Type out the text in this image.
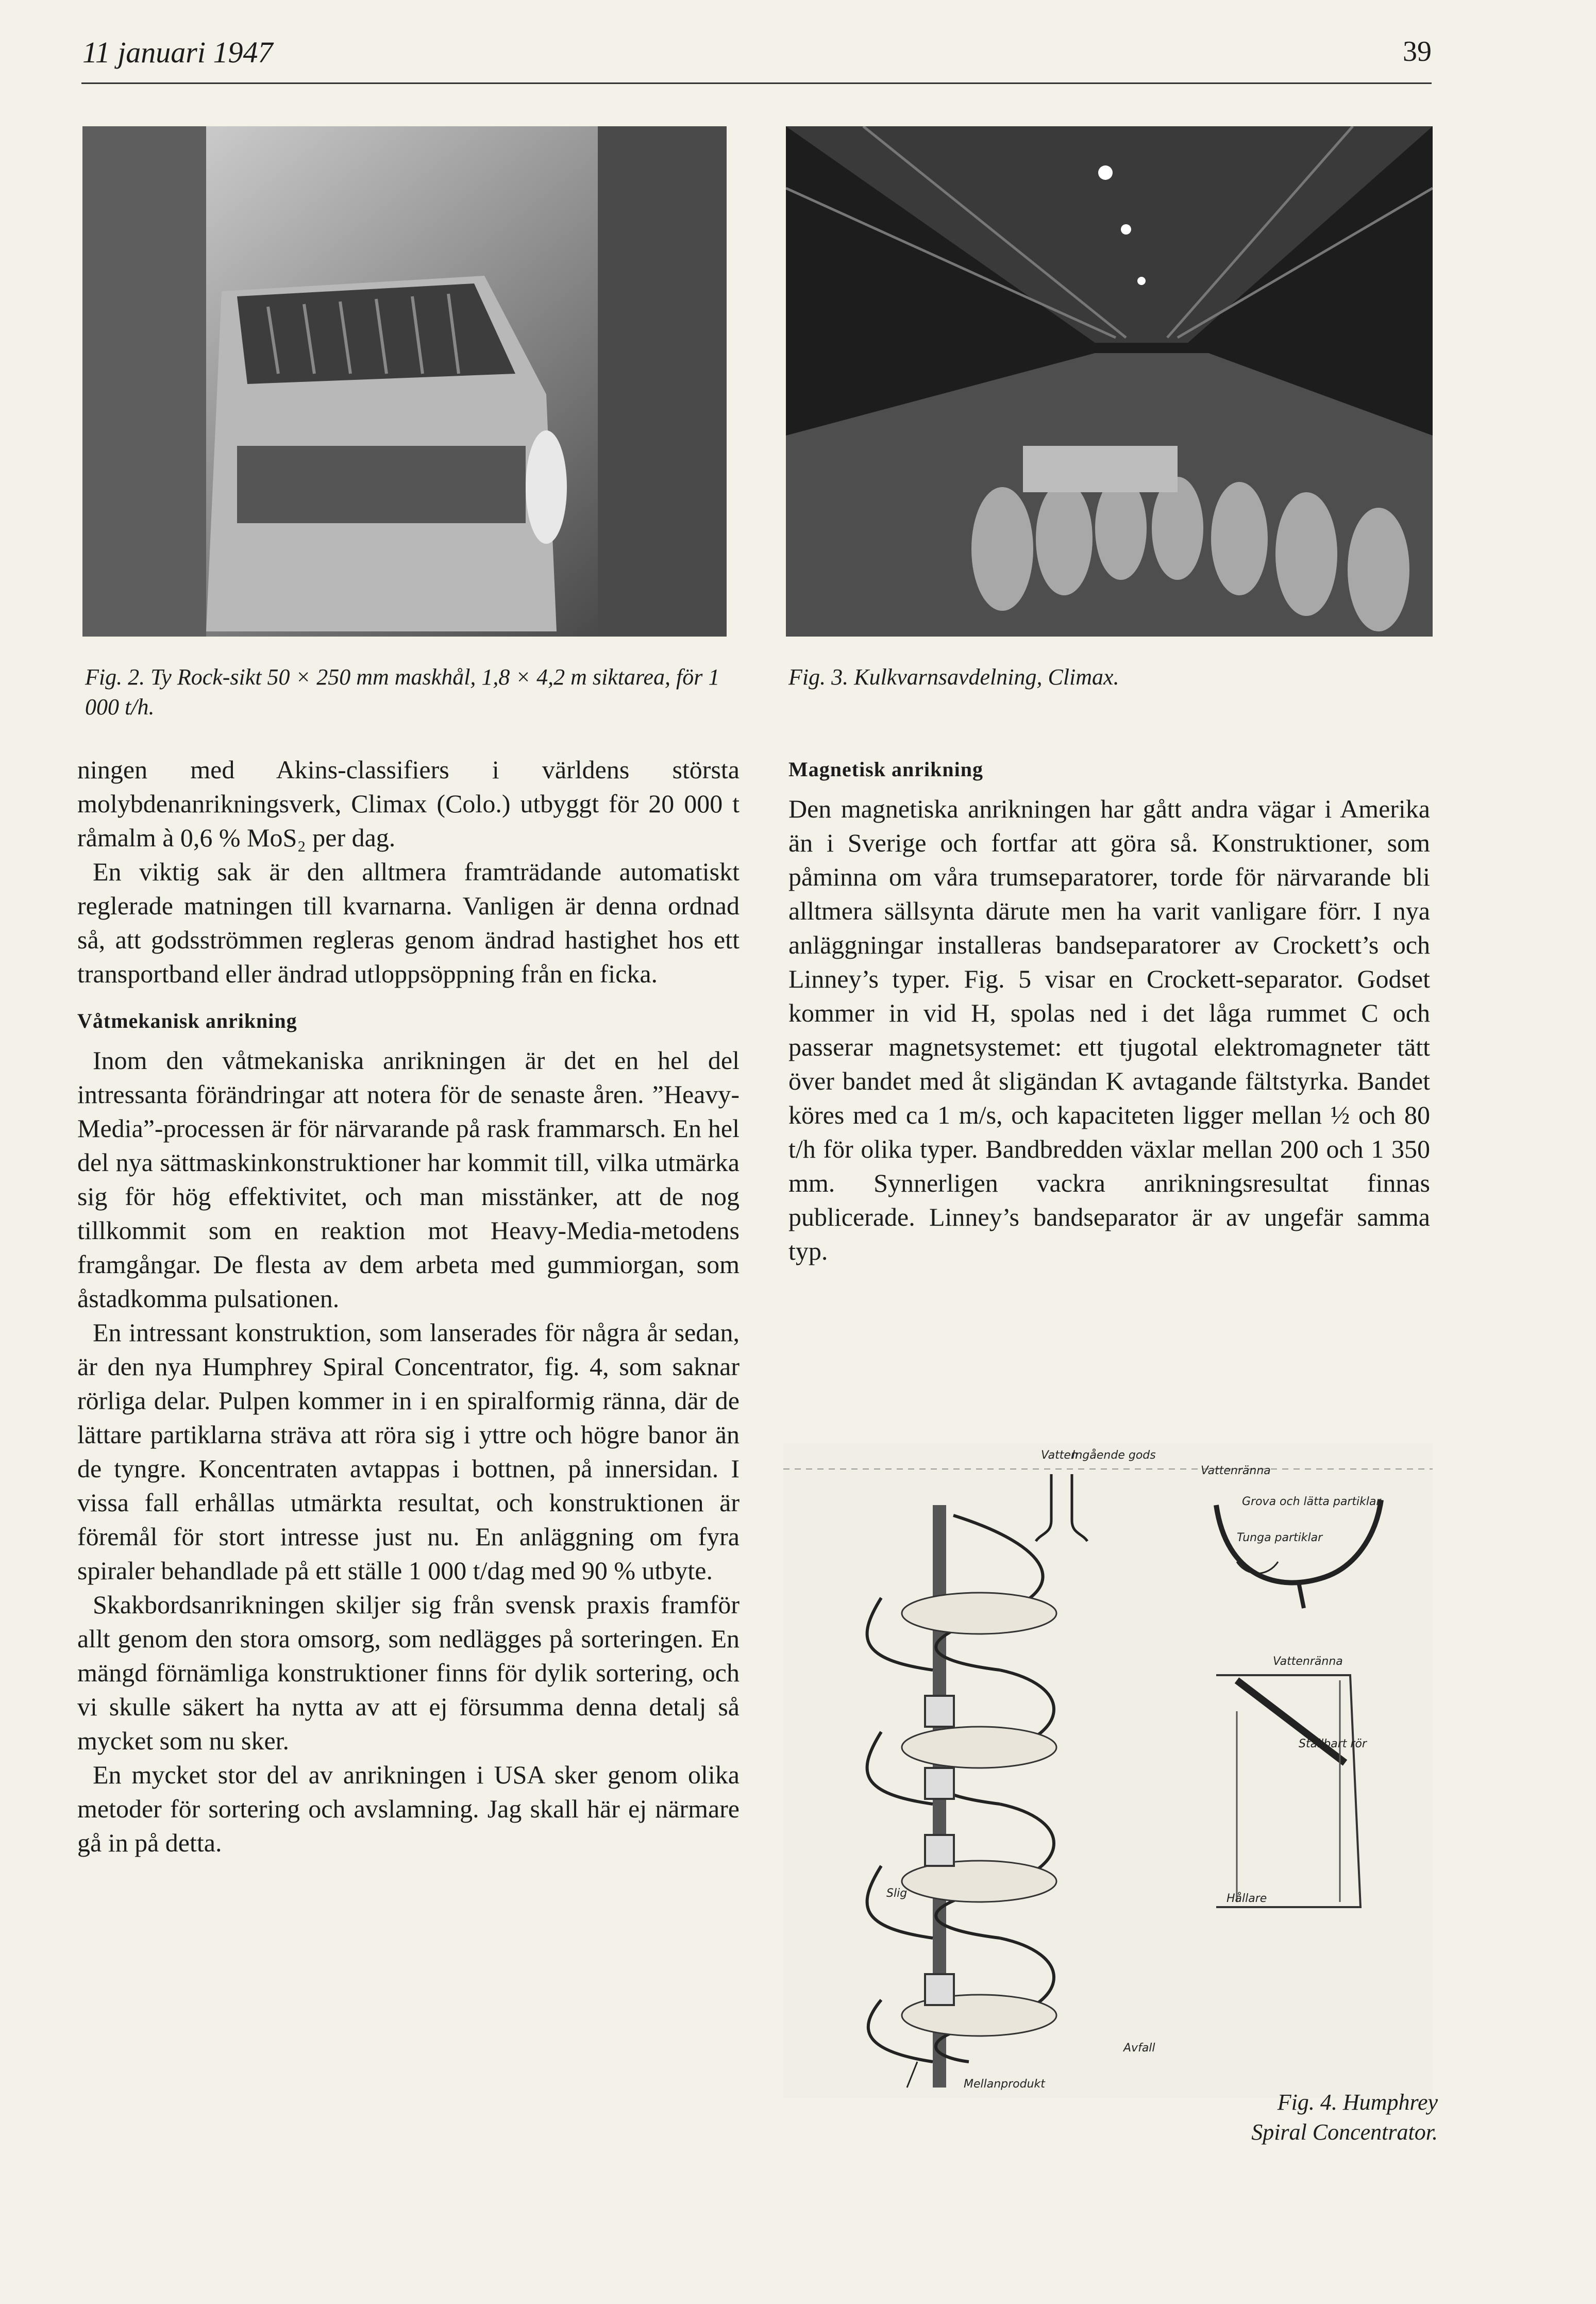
11 januari 1947	39
Fig. 2. Ty Rock-sikt 50 × 250 mm maskhål, 1,8 × 4,2 m siktarea, för 1 000 t/h.
Fig. 3. Kulkvarnsavdelning, Climax.

ningen med Akins-classifiers i världens största molybdenanrikningsverk, Climax (Colo.) utbyggt för 20 000 t råmalm à 0,6 % MoS₂ per dag.

En viktig sak är den alltmera framträdande automatiskt reglerade matningen till kvarnarna. Vanligen är denna ordnad så, att godsströmmen regleras genom ändrad hastighet hos ett transportband eller ändrad utloppsöppning från en ficka.

Våtmekanisk anrikning

Inom den våtmekaniska anrikningen är det en hel del intressanta förändringar att notera för de senaste åren. ”Heavy-Media”-processen är för närvarande på rask frammarsch. En hel del nya sättmaskinkonstruktioner har kommit till, vilka utmärka sig för hög effektivitet, och man misstänker, att de nog tillkommit som en reaktion mot Heavy-Media-metodens framgångar. De flesta av dem arbeta med gummiorgan, som åstadkomma pulsationen.

En intressant konstruktion, som lanserades för några år sedan, är den nya Humphrey Spiral Concentrator, fig. 4, som saknar rörliga delar. Pulpen kommer in i en spiralformig ränna, där de lättare partiklarna sträva att röra sig i yttre och högre banor än de tyngre. Koncentraten avtappas i bottnen, på innersidan. I vissa fall erhållas utmärkta resultat, och konstruktionen är föremål för stort intresse just nu. En anläggning om fyra spiraler behandlade på ett ställe 1 000 t/dag med 90 % utbyte.

Skakbordsanrikningen skiljer sig från svensk praxis framför allt genom den stora omsorg, som nedlägges på sorteringen. En mängd förnämliga konstruktioner finns för dylik sortering, och vi skulle säkert ha nytta av att ej försumma denna detalj så mycket som nu sker.

En mycket stor del av anrikningen i USA sker genom olika metoder för sortering och avslamning. Jag skall här ej närmare gå in på detta.

Magnetisk anrikning

Den magnetiska anrikningen har gått andra vägar i Amerika än i Sverige och fortfar att göra så. Konstruktioner, som påminna om våra trumseparatorer, torde för närvarande bli alltmera sällsynta därute men ha varit vanligare förr. I nya anläggningar installeras bandseparatorer av Crockett’s och Linney’s typer. Fig. 5 visar en Crockett-separator. Godset kommer in vid H, spolas ned i det låga rummet C och passerar magnetsystemet: ett tjugotal elektromagneter tätt över bandet med åt sligändan K avtagande fältstyrka. Bandet köres med ca 1 m/s, och kapaciteten ligger mellan ½ och 80 t/h för olika typer. Bandbredden växlar mellan 200 och 1 350 mm. Synnerligen vackra anrikningsresultat finnas publicerade. Linney’s bandseparator är av ungefär samma typ.

Vatten
Ingående gods
Vattenränna
Grova och lätta partiklar
Tunga partiklar
Vattenränna
Ställbart rör
Hållare
Slig
Avfall
Mellanprodukt
Fig. 4. Humphrey
Spiral Concentrator.
